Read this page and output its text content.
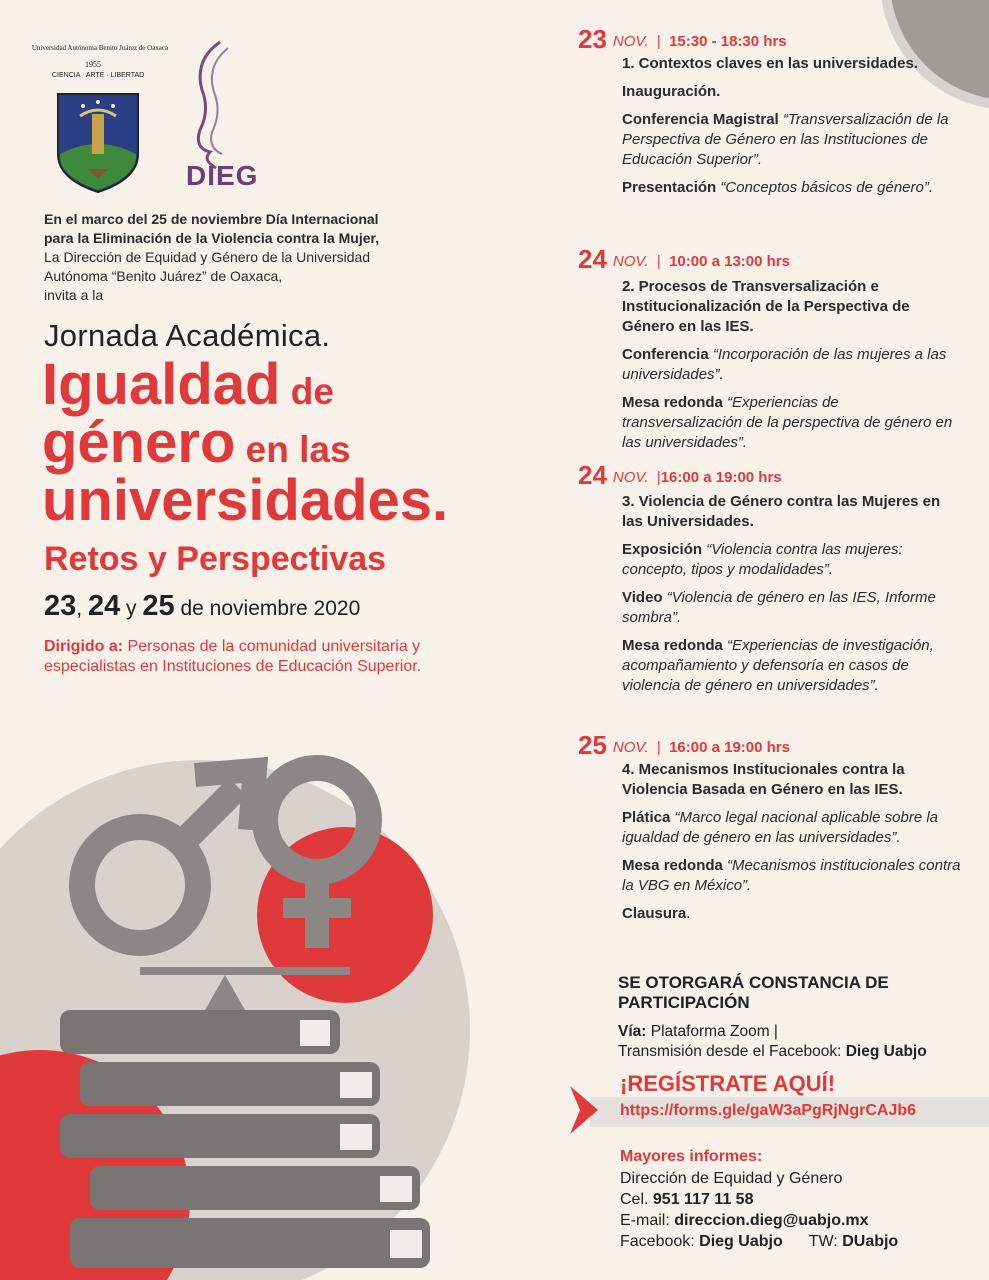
Universidad Autónoma Benito Juárez de Oaxaca
1955
CIENCIA · ARTE · LIBERTAD
DIEG

En el marco del 25 de noviembre Día Internacional

para la Eliminación de la Violencia contra la Mujer,

La Dirección de Equidad y Género de la Universidad

Autónoma “Benito Juárez” de Oaxaca,

invita a la

Jornada Académica.
Igualdad de
género en las
universidades.
Retos y Perspectivas
23, 24 y 25 de noviembre 2020
Dirigido a: Personas de la comunidad universitaria y especialistas en Instituciones de Educación Superior.
23 NOV.  |  15:30 - 18:30 hrs
1. Contextos claves en las universidades.

Inauguración.

Conferencia Magistral “Transversalización de la Perspectiva de Género en las Instituciones de Educación Superior”.

Presentación “Conceptos básicos de género”.

24 NOV.  |  10:00 a 13:00 hrs
2. Procesos de Transversalización e Institucionalización de la Perspectiva de Género en las IES.

Conferencia “Incorporación de las mujeres a las universidades”.

Mesa redonda “Experiencias de transversalización de la perspectiva de género en las universidades”.

24 NOV.  |16:00 a 19:00 hrs
3. Violencia de Género contra las Mujeres en las Universidades.

Exposición “Violencia contra las mujeres: concepto, tipos y modalidades”.

Video “Violencia de género en las IES, Informe sombra”.

Mesa redonda “Experiencias de investigación, acompañamiento y defensoría en casos de violencia de género en universidades”.

25 NOV.  |  16:00 a 19:00 hrs
4. Mecanismos Institucionales contra la Violencia Basada en Género en las IES.

Plática “Marco legal nacional aplicable sobre la igualdad de género en las universidades”.

Mesa redonda “Mecanismos institucionales contra la VBG en México”.

Clausura.

SE OTORGARÁ CONSTANCIA DE PARTICIPACIÓN
Vía: Plataforma Zoom |
Transmisión desde el Facebook: Dieg Uabjo
¡REGÍSTRATE AQUÍ!
https://forms.gle/gaW3aPgRjNgrCAJb6
Mayores informes:
Dirección de Equidad y Género
Cel. 951 117 11 58
E-mail: direccion.dieg@uabjo.mx
Facebook: Dieg Uabjo TW: DUabjo
